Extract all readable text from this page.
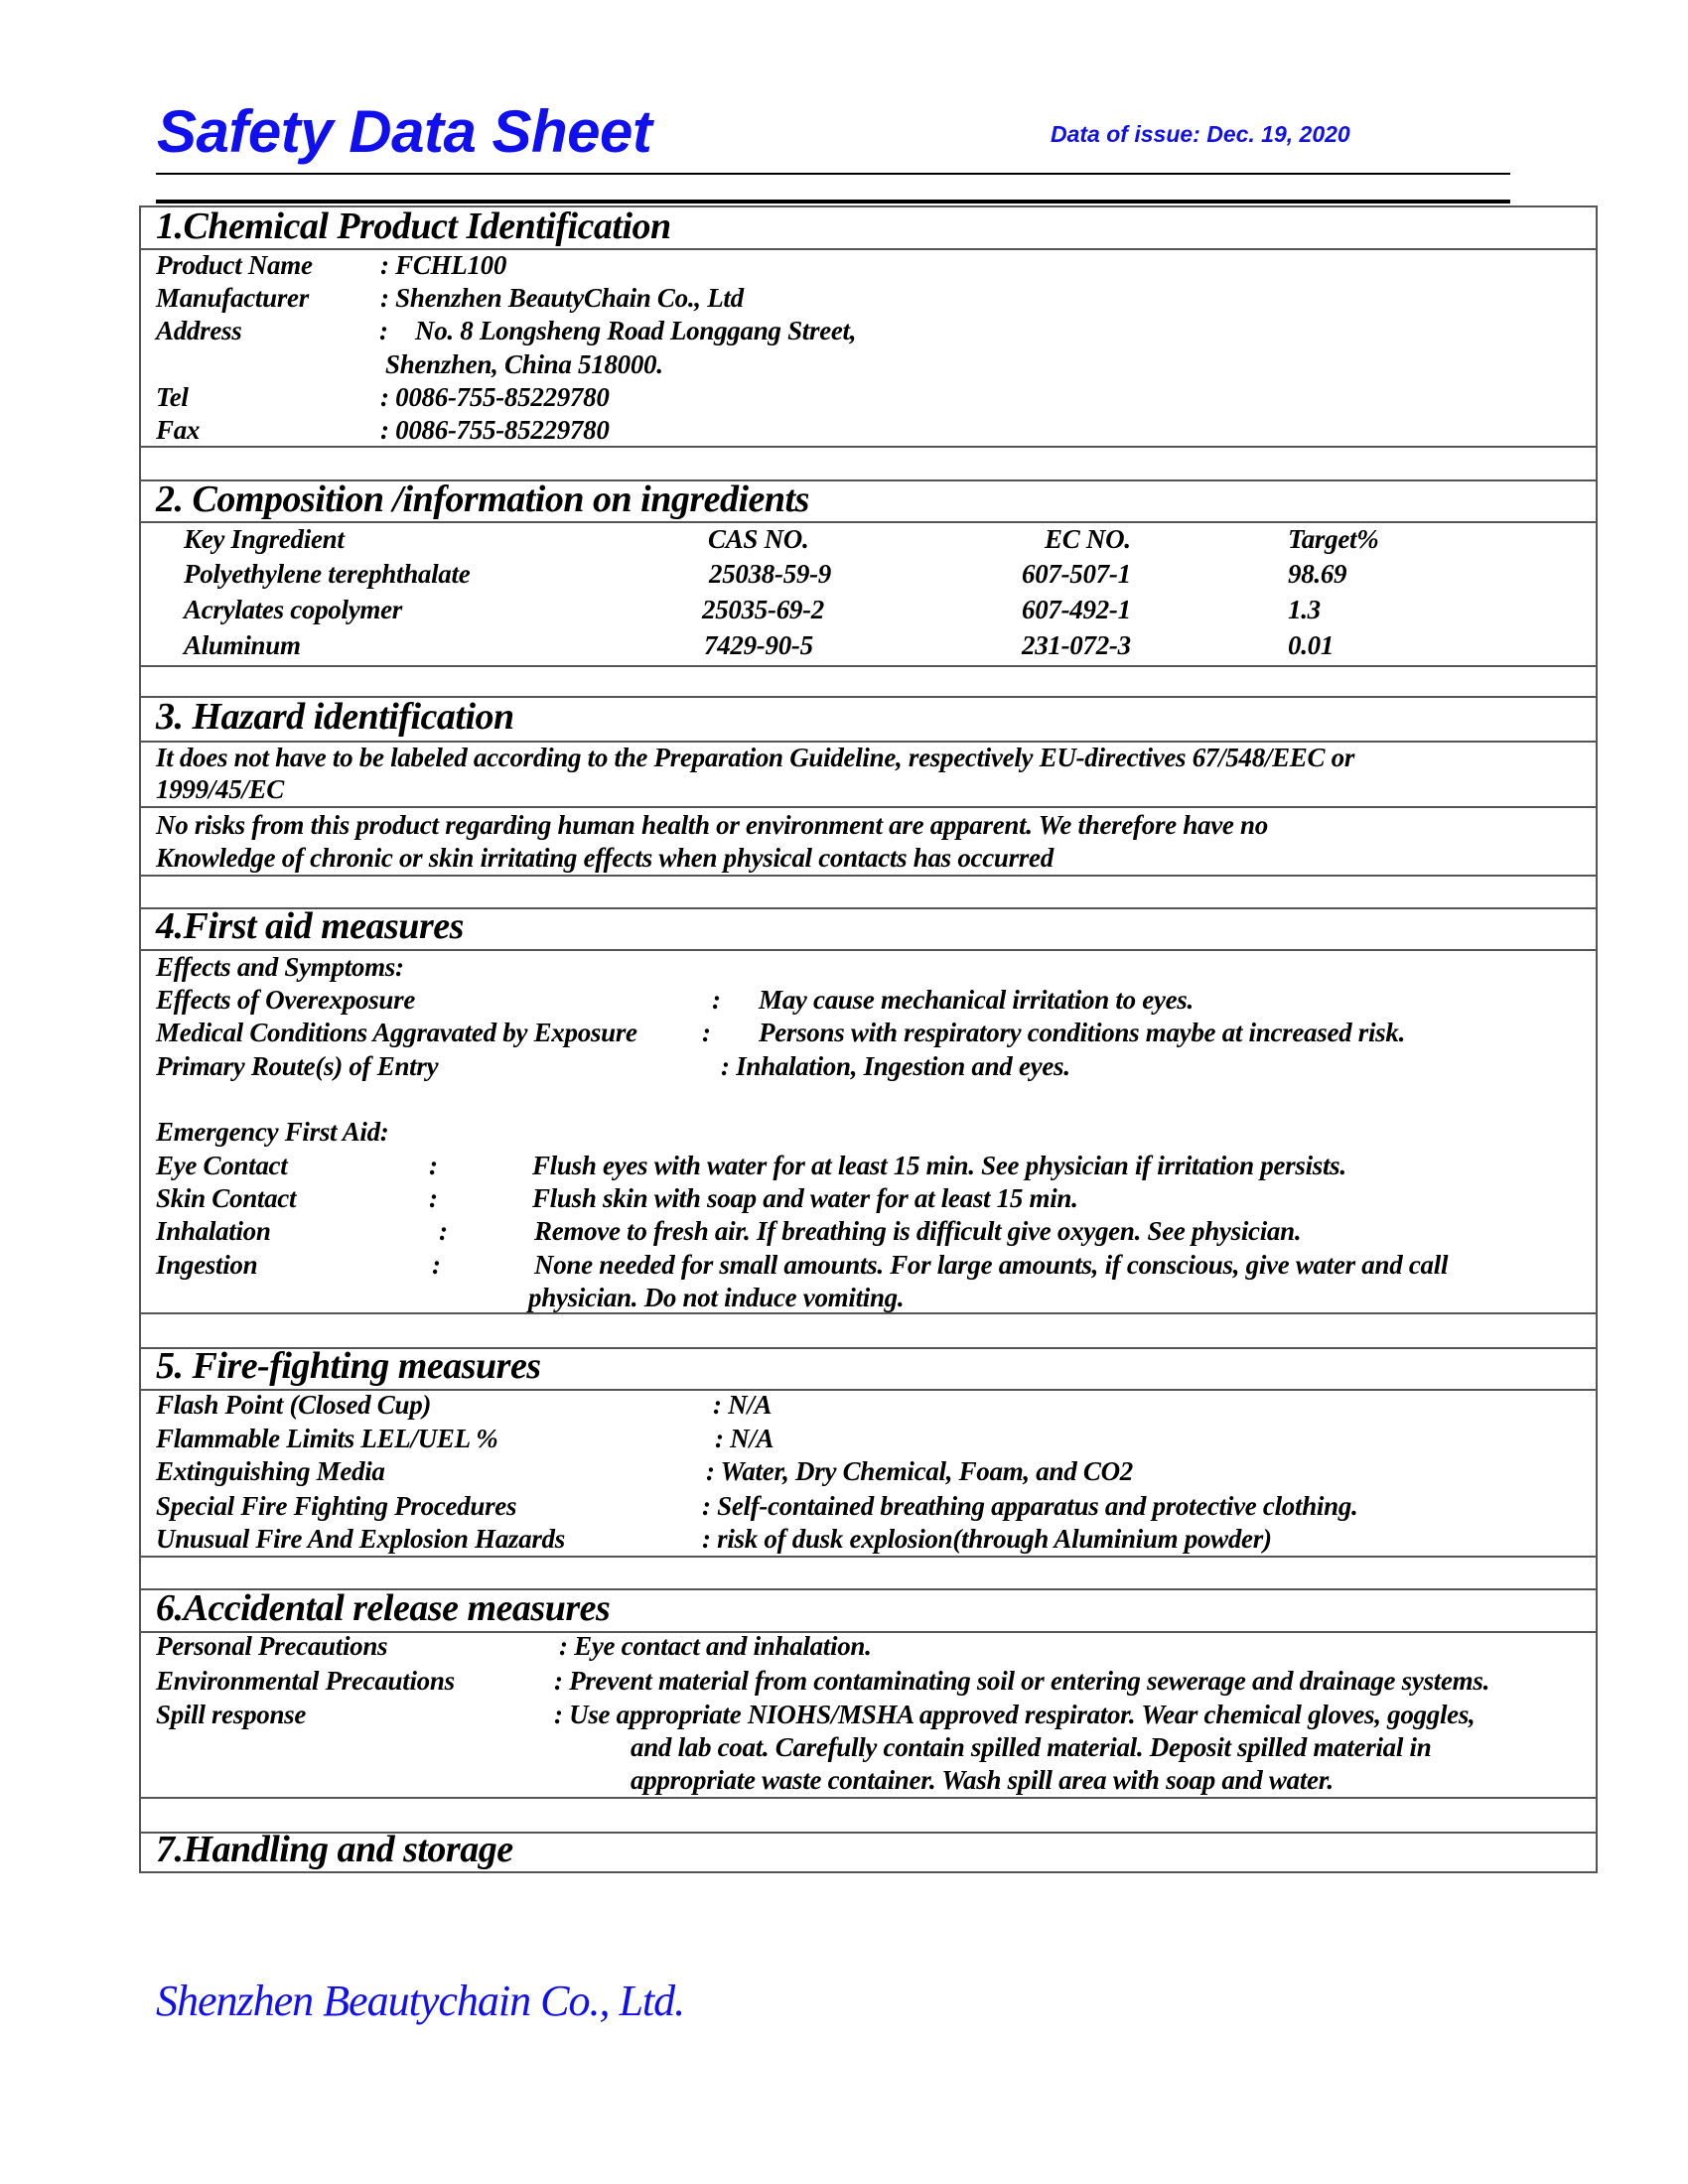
Safety Data Sheet	Data of issue: Dec. 19, 2020
1.Chemical Product Identification
Product Name	: FCHL100
Manufacturer	: Shenzhen BeautyChain Co., Ltd
Address	: No. 8 Longsheng Road Longgang Street,
Shenzhen, China 518000.
Tel	: 0086-755-85229780
Fax	: 0086-755-85229780
2. Composition /information on ingredients
Key Ingredient	CAS NO.	EC NO.	Target%
Polyethylene terephthalate	25038-59-9	607-507-1	98.69
Acrylates copolymer	25035-69-2	607-492-1	1.3
Aluminum	7429-90-5	231-072-3	0.01
3. Hazard identification
It does not have to be labeled according to the Preparation Guideline, respectively EU-directives 67/548/EEC or
1999/45/EC
No risks from this product regarding human health or environment are apparent. We therefore have no
Knowledge of chronic or skin irritating effects when physical contacts has occurred
4.First aid measures
Effects and Symptoms:
Effects of Overexposure	: May cause mechanical irritation to eyes.
Medical Conditions Aggravated by Exposure : Persons with respiratory conditions maybe at increased risk.
Primary Route(s) of Entry	: Inhalation, Ingestion and eyes.
Emergency First Aid:
Eye Contact	:	Flush eyes with water for at least 15 min. See physician if irritation persists.
Skin Contact	:	Flush skin with soap and water for at least 15 min.
Inhalation	:	Remove to fresh air. If breathing is difficult give oxygen. See physician.
Ingestion	:	None needed for small amounts. For large amounts, if conscious, give water and call
physician. Do not induce vomiting.
5. Fire-fighting measures
Flash Point (Closed Cup)	: N/A
Flammable Limits LEL/UEL %	: N/A
Extinguishing Media	: Water, Dry Chemical, Foam, and CO2
Special Fire Fighting Procedures	: Self-contained breathing apparatus and protective clothing.
Unusual Fire And Explosion Hazards	: risk of dusk explosion(through Aluminium powder)
6.Accidental release measures
Personal Precautions	: Eye contact and inhalation.
Environmental Precautions	: Prevent material from contaminating soil or entering sewerage and drainage systems.
Spill response	: Use appropriate NIOHS/MSHA approved respirator. Wear chemical gloves, goggles,
and lab coat. Carefully contain spilled material. Deposit spilled material in
appropriate waste container. Wash spill area with soap and water.
7.Handling and storage
Shenzhen Beautychain Co., Ltd.
